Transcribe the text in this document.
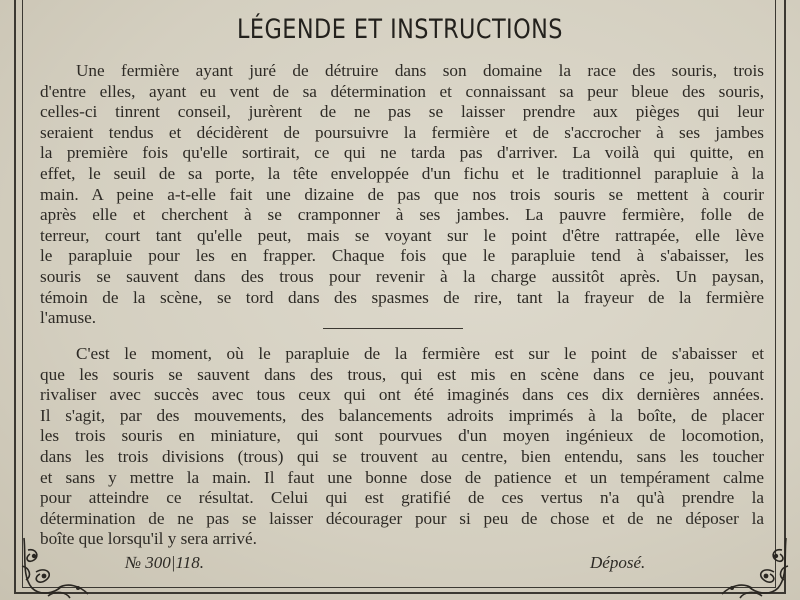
LÉGENDE ET INSTRUCTIONS
Une fermière ayant juré de détruire dans son domaine la race des souris, trois
d'entre elles, ayant eu vent de sa détermination et connaissant sa peur bleue des souris,
celles-ci tinrent conseil, jurèrent de ne pas se laisser prendre aux pièges qui leur
seraient tendus et décidèrent de poursuivre la fermière et de s'accrocher à ses jambes
la première fois qu'elle sortirait, ce qui ne tarda pas d'arriver. La voilà qui quitte, en
effet, le seuil de sa porte, la tête enveloppée d'un fichu et le traditionnel parapluie à la
main. A peine a-t-elle fait une dizaine de pas que nos trois souris se mettent à courir
après elle et cherchent à se cramponner à ses jambes. La pauvre fermière, folle de
terreur, court tant qu'elle peut, mais se voyant sur le point d'être rattrapée, elle lève
le parapluie pour les en frapper. Chaque fois que le parapluie tend à s'abaisser, les
souris se sauvent dans des trous pour revenir à la charge aussitôt après. Un paysan,
témoin de la scène, se tord dans des spasmes de rire, tant la frayeur de la fermière
l'amuse.
C'est le moment, où le parapluie de la fermière est sur le point de s'abaisser et
que les souris se sauvent dans des trous, qui est mis en scène dans ce jeu, pouvant
rivaliser avec succès avec tous ceux qui ont été imaginés dans ces dix dernières années.
Il s'agit, par des mouvements, des balancements adroits imprimés à la boîte, de placer
les trois souris en miniature, qui sont pourvues d'un moyen ingénieux de locomotion,
dans les trois divisions (trous) qui se trouvent au centre, bien entendu, sans les toucher
et sans y mettre la main. Il faut une bonne dose de patience et un tempérament calme
pour atteindre ce résultat. Celui qui est gratifié de ces vertus n'a qu'à prendre la
détermination de ne pas se laisser décourager pour si peu de chose et de ne déposer la
boîte que lorsqu'il y sera arrivé.
№ 300|118.	Déposé.
